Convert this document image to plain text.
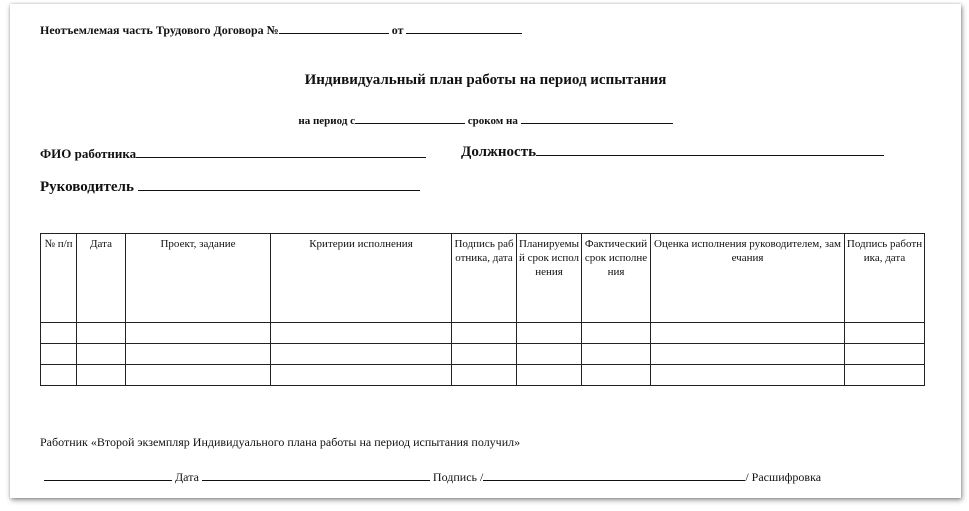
Неотъемлемая часть Трудового Договора №	от
Индивидуальный план работы на период испытания
на период с	сроком на
ФИО работника	Должность
Руководитель
№ п/п	Дата	Проект, задание	Критерии исполнения	Подпись работника, дата	Планируемый срок исполнения	Фактический срок исполнения	Оценка исполнения руководителем, замечания	Подпись работника, дата

Работник «Второй экземпляр Индивидуального плана работы на период испытания получил»
Дата	Подпись /	/ Расшифровка
